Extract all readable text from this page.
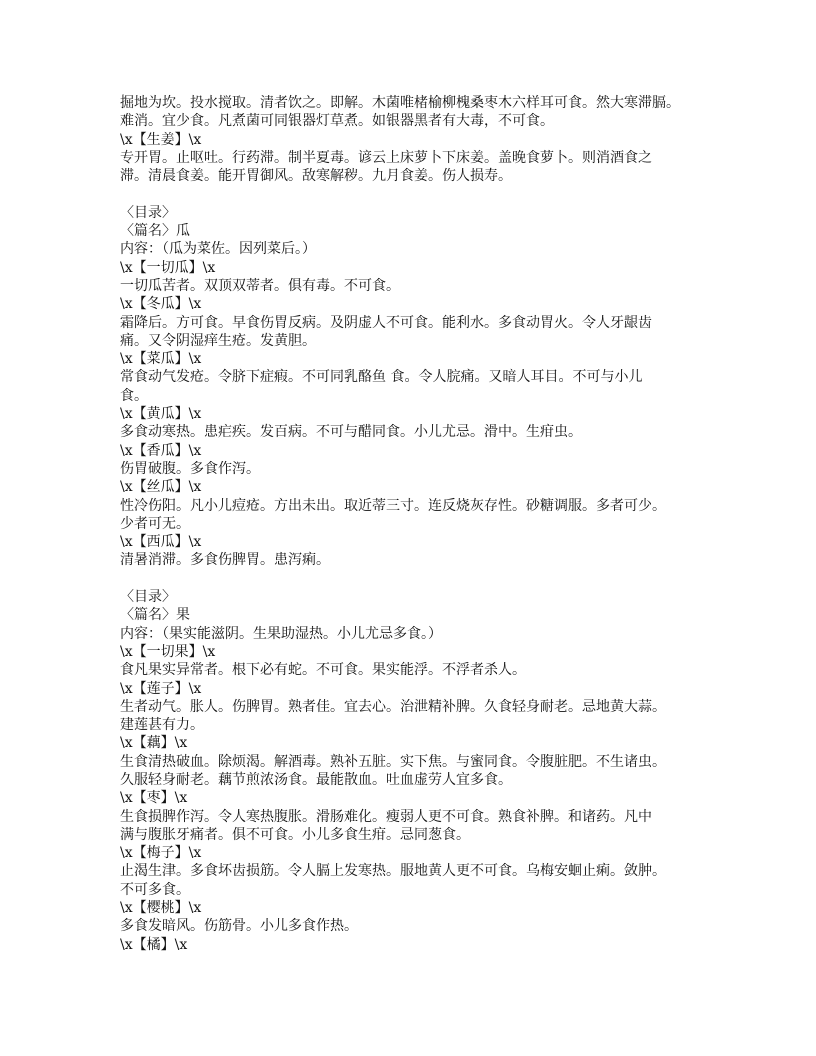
掘地为坎。投水搅取。清者饮之。即解。木菌唯楮榆柳槐桑枣木六样耳可食。然大寒滞膈。
难消。宜少食。凡煮菌可同银器灯草煮。如银器黑者有大毒，不可食。
\x【生姜】\x
专开胃。止呕吐。行药滞。制半夏毒。谚云上床萝卜下床姜。盖晚食萝卜。则消酒食之
滞。清晨食姜。能开胃御风。敌寒解秽。九月食姜。伤人损寿。
〈目录〉
〈篇名〉瓜
内容：（瓜为菜佐。因列菜后。）
\x【一切瓜】\x
一切瓜苦者。双顶双蒂者。俱有毒。不可食。
\x【冬瓜】\x
霜降后。方可食。早食伤胃反病。及阴虚人不可食。能利水。多食动胃火。令人牙龈齿
痛。又令阴湿痒生疮。发黄胆。
\x【菜瓜】\x
常食动气发疮。令脐下症瘕。不可同乳酪鱼 食。令人脘痛。又暗人耳目。不可与小儿
食。
\x【黄瓜】\x
多食动寒热。患疟疾。发百病。不可与醋同食。小儿尤忌。滑中。生疳虫。
\x【香瓜】\x
伤胃破腹。多食作泻。
\x【丝瓜】\x
性冷伤阳。凡小儿痘疮。方出未出。取近蒂三寸。连反烧灰存性。砂糖调服。多者可少。
少者可无。
\x【西瓜】\x
清暑消滞。多食伤脾胃。患泻痢。
〈目录〉
〈篇名〉果
内容：（果实能滋阴。生果助湿热。小儿尤忌多食。）
\x【一切果】\x
食凡果实异常者。根下必有蛇。不可食。果实能浮。不浮者杀人。
\x【莲子】\x
生者动气。胀人。伤脾胃。熟者佳。宜去心。治泄精补脾。久食轻身耐老。忌地黄大蒜。
建莲甚有力。
\x【藕】\x
生食清热破血。除烦渴。解酒毒。熟补五脏。实下焦。与蜜同食。令腹脏肥。不生诸虫。
久服轻身耐老。藕节煎浓汤食。最能散血。吐血虚劳人宜多食。
\x【枣】\x
生食损脾作泻。令人寒热腹胀。滑肠难化。瘦弱人更不可食。熟食补脾。和诸药。凡中
满与腹胀牙痛者。俱不可食。小儿多食生疳。忌同葱食。
\x【梅子】\x
止渴生津。多食坏齿损筋。令人膈上发寒热。服地黄人更不可食。乌梅安蛔止痢。敛肿。
不可多食。
\x【樱桃】\x
多食发暗风。伤筋骨。小儿多食作热。
\x【橘】\x
